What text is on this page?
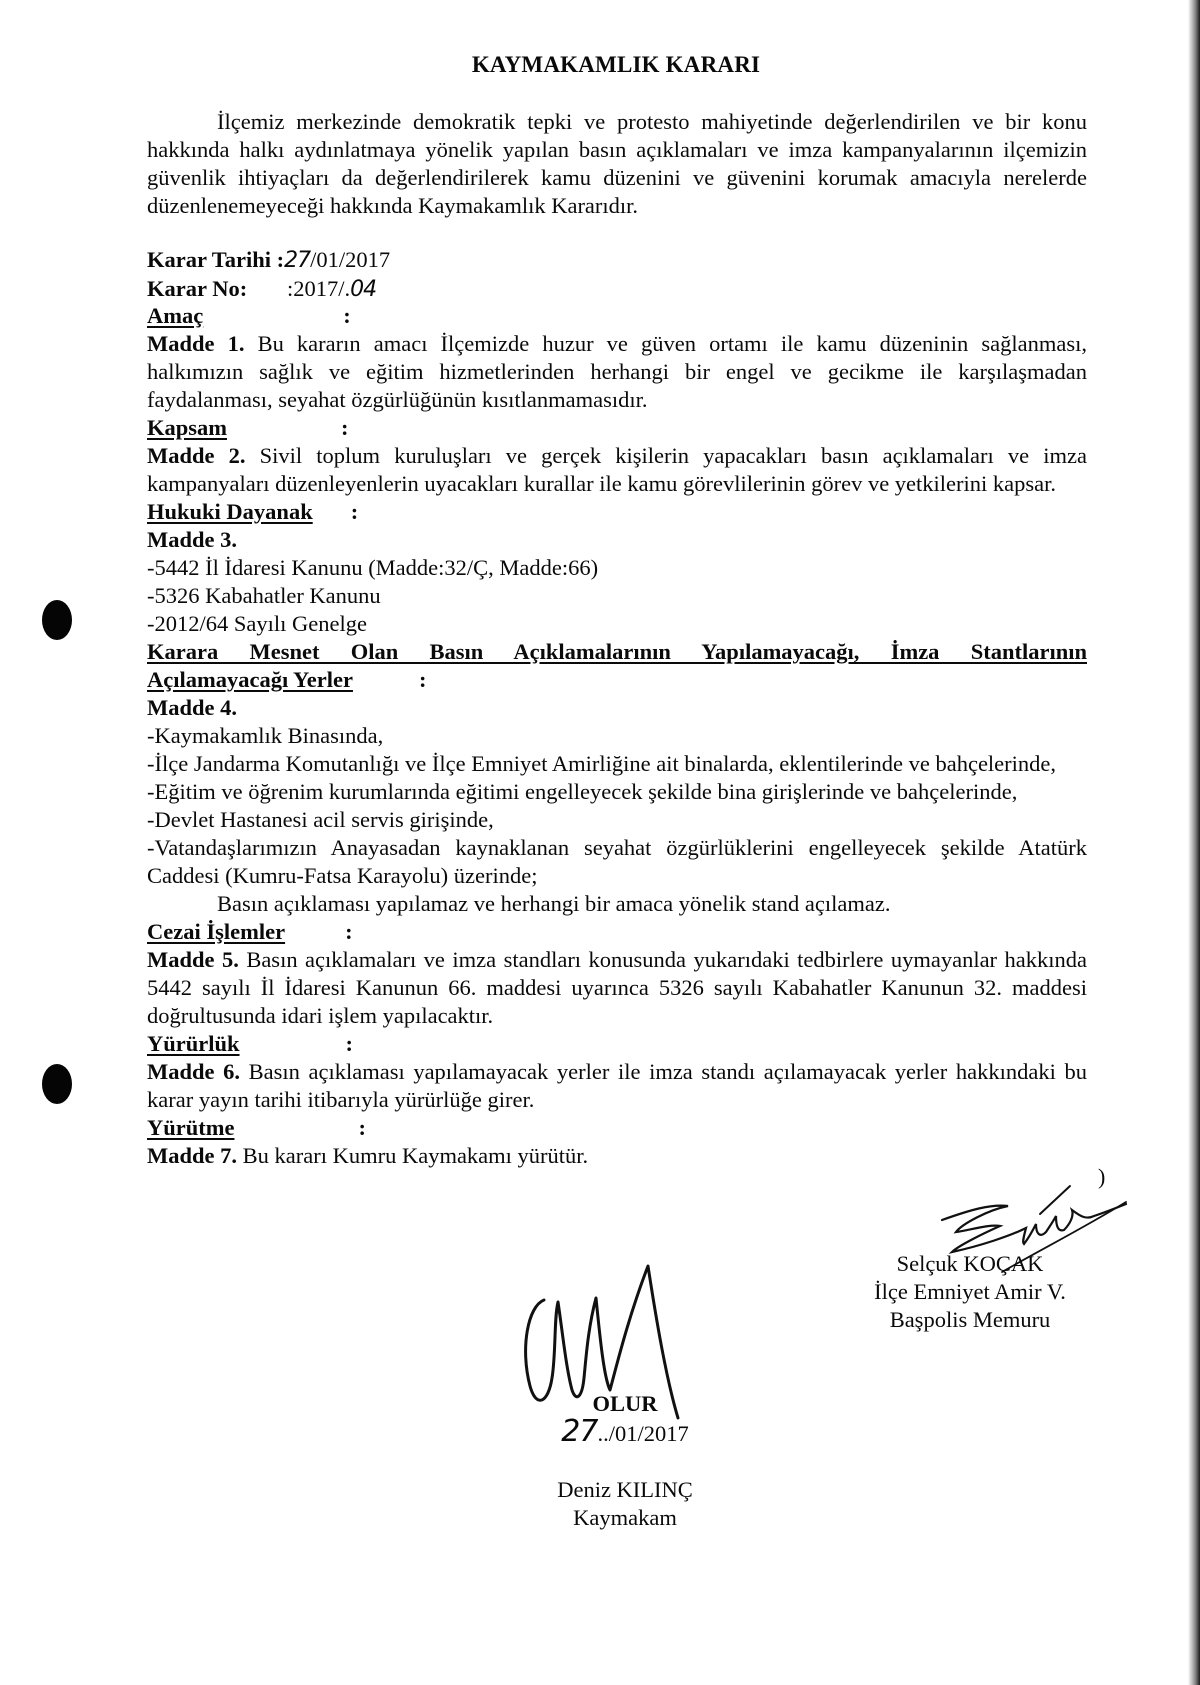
KAYMAKAMLIK KARARI
İlçemiz merkezinde demokratik tepki ve protesto mahiyetinde değerlendirilen ve bir konu hakkında halkı aydınlatmaya yönelik yapılan basın açıklamaları ve imza kampanyalarının ilçemizin güvenlik ihtiyaçları da değerlendirilerek kamu düzenini ve güvenini korumak amacıyla nerelerde düzenlenemeyeceği hakkında Kaymakamlık Kararıdır.
Karar Tarihi : 27 /01/2017
Karar No:	:2017/. 04

Amaç	:

Madde 1. Bu kararın amacı İlçemizde huzur ve güven ortamı ile kamu düzeninin sağlanması, halkımızın sağlık ve eğitim hizmetlerinden herhangi bir engel ve gecikme ile karşılaşmadan faydalanması, seyahat özgürlüğünün kısıtlanmamasıdır.

Kapsam	:

Madde 2. Sivil toplum kuruluşları ve gerçek kişilerin yapacakları basın açıklamaları ve imza kampanyaları düzenleyenlerin uyacakları kurallar ile kamu görevlilerinin görev ve yetkilerini kapsar.

Hukuki Dayanak :

Madde 3.

-5442 İl İdaresi Kanunu (Madde:32/Ç, Madde:66)

-5326 Kabahatler Kanunu

-2012/64 Sayılı Genelge

Karara Mesnet Olan Basın Açıklamalarının Yapılamayacağı, İmza Stantlarının

Açılamayacağı Yerler	:

Madde 4.

-Kaymakamlık Binasında,

-İlçe Jandarma Komutanlığı ve İlçe Emniyet Amirliğine ait binalarda, eklentilerinde ve bahçelerinde,

-Eğitim ve öğrenim kurumlarında eğitimi engelleyecek şekilde bina girişlerinde ve bahçelerinde,

-Devlet Hastanesi acil servis girişinde,

-Vatandaşlarımızın Anayasadan kaynaklanan seyahat özgürlüklerini engelleyecek şekilde Atatürk Caddesi (Kumru-Fatsa Karayolu) üzerinde;

Basın açıklaması yapılamaz ve herhangi bir amaca yönelik stand açılamaz.

Cezai İşlemler	:

Madde 5. Basın açıklamaları ve imza standları konusunda yukarıdaki tedbirlere uymayanlar hakkında 5442 sayılı İl İdaresi Kanunun 66. maddesi uyarınca 5326 sayılı Kabahatler Kanunun 32. maddesi doğrultusunda idari işlem yapılacaktır.

Yürürlük	:

Madde 6. Basın açıklaması yapılamayacak yerler ile imza standı açılamayacak yerler hakkındaki bu karar yayın tarihi itibarıyla yürürlüğe girer.

Yürütme	:

Madde 7. Bu kararı Kumru Kaymakamı yürütür.

)
Selçuk KOÇAK
İlçe Emniyet Amir V.
Başpolis Memuru
OLUR
27../01/2017
Deniz KILINÇ
Kaymakam
